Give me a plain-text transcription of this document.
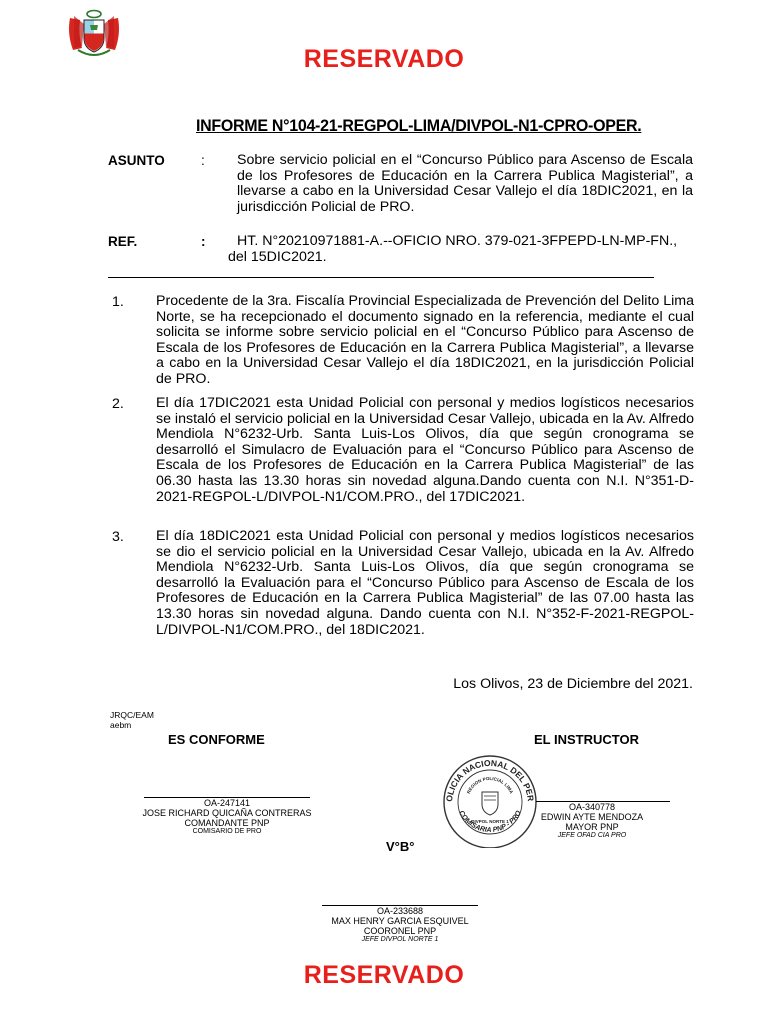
RESERVADO
INFORME N°104-21-REGPOL-LIMA/DIVPOL-N1-CPRO-OPER.
ASUNTO	: Sobre servicio policial en el “Concurso Público para Ascenso de Escala de los Profesores de Educación en la Carrera Publica Magisterial”, a llevarse a cabo en la Universidad Cesar Vallejo el día 18DIC2021, en la jurisdicción Policial de PRO.
REF.	: HT. N°20210971881-A.--OFICIO NRO. 379-021-3FPEPD-LN-MP-FN.,
del 15DIC2021.
1. Procedente de la 3ra. Fiscalía Provincial Especializada de Prevención del Delito Lima Norte, se ha recepcionado el documento signado en la referencia, mediante el cual solicita se informe sobre servicio policial en el “Concurso Público para Ascenso de Escala de los Profesores de Educación en la Carrera Publica Magisterial”, a llevarse a cabo en la Universidad Cesar Vallejo el día 18DIC2021, en la jurisdicción Policial de PRO.
2. El día 17DIC2021 esta Unidad Policial con personal y medios logísticos necesarios se instaló el servicio policial en la Universidad Cesar Vallejo, ubicada en la Av. Alfredo Mendiola N°6232-Urb. Santa Luis-Los Olivos, día que según cronograma se desarrolló el Simulacro de Evaluación para el “Concurso Público para Ascenso de Escala de los Profesores de Educación en la Carrera Publica Magisterial” de las 06.30 hasta las 13.30 horas sin novedad alguna.Dando cuenta con N.I. N°351-D-2021-REGPOL-L/DIVPOL-N1/COM.PRO., del 17DIC2021.
3. El día 18DIC2021 esta Unidad Policial con personal y medios logísticos necesarios se dio el servicio policial en la Universidad Cesar Vallejo, ubicada en la Av. Alfredo Mendiola N°6232-Urb. Santa Luis-Los Olivos, día que según cronograma se desarrolló la Evaluación para el “Concurso Público para Ascenso de Escala de los Profesores de Educación en la Carrera Publica Magisterial” de las 07.00 hasta las 13.30 horas sin novedad alguna. Dando cuenta con N.I. N°352-F-2021-REGPOL-L/DIVPOL-N1/COM.PRO., del 18DIC2021.
Los Olivos, 23 de Diciembre del 2021.
JRQC/EAM
aebm
ES CONFORME	EL INSTRUCTOR
OLICIA NACIONAL DEL PER
REGION POLICIAL LIMA
COMISARIA PNP - PRO
DIVPOL NORTE 1
OA-247141
JOSE RICHARD QUICAÑA CONTRERAS
COMANDANTE PNP
COMISARIO DE PRO
OA-340778
EDWIN AYTE MENDOZA
MAYOR PNP
JEFE OFAD CIA PRO
V°B°
OA-233688
MAX HENRY GARCIA ESQUIVEL
COORONEL PNP
JEFE DIVPOL NORTE 1
RESERVADO
